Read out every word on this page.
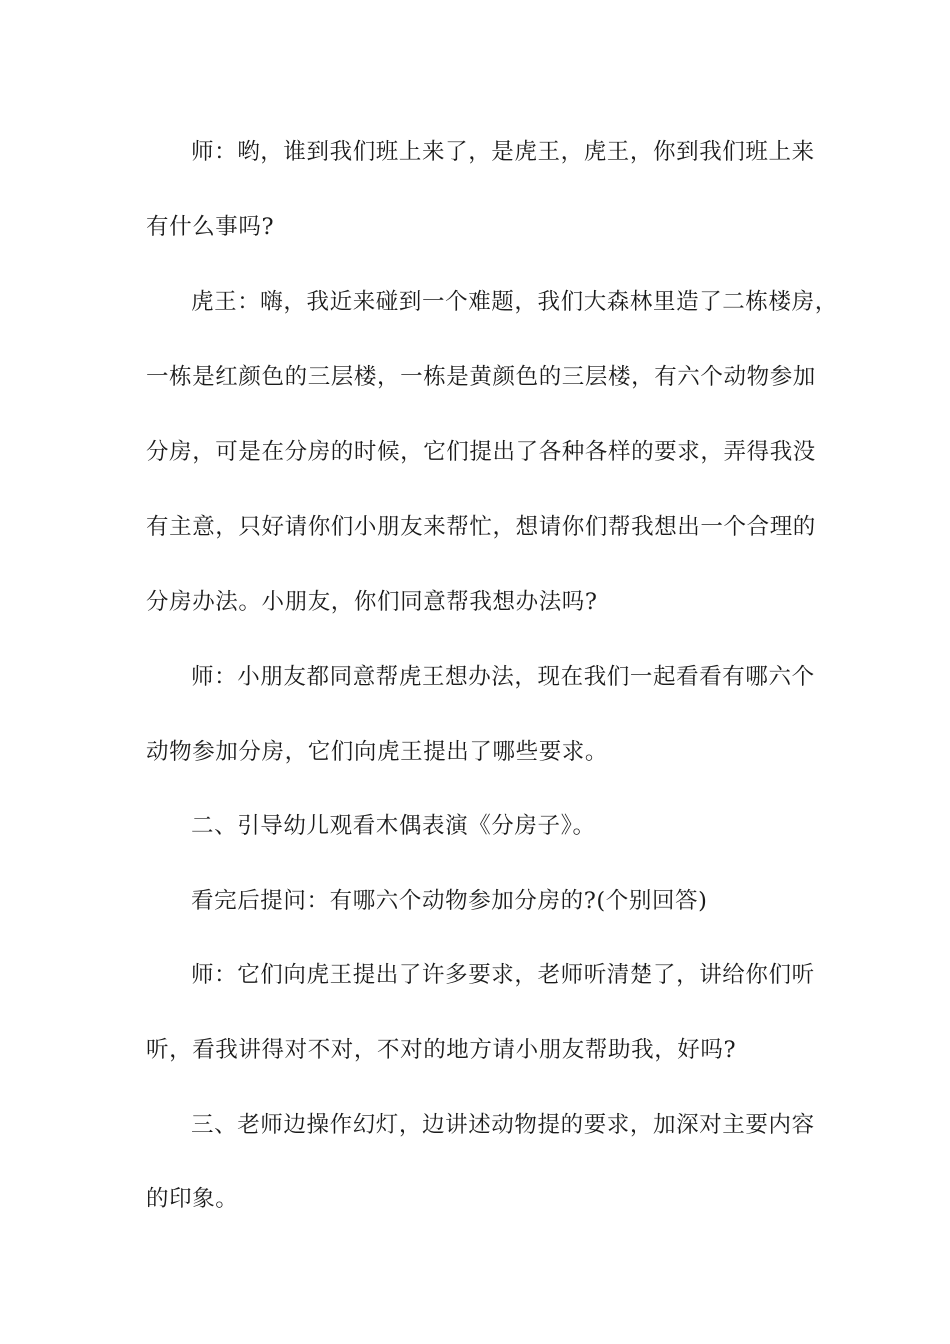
师：哟，谁到我们班上来了，是虎王，虎王，你到我们班上来
有什么事吗?
虎王：嗨，我近来碰到一个难题，我们大森林里造了二栋楼房，
一栋是红颜色的三层楼，一栋是黄颜色的三层楼，有六个动物参加
分房，可是在分房的时候，它们提出了各种各样的要求，弄得我没
有主意，只好请你们小朋友来帮忙，想请你们帮我想出一个合理的
分房办法。小朋友，你们同意帮我想办法吗?
师：小朋友都同意帮虎王想办法，现在我们一起看看有哪六个
动物参加分房，它们向虎王提出了哪些要求。
二、引导幼儿观看木偶表演《分房子》。
看完后提问：有哪六个动物参加分房的?(个别回答)
师：它们向虎王提出了许多要求，老师听清楚了，讲给你们听
听，看我讲得对不对，不对的地方请小朋友帮助我，好吗?
三、老师边操作幻灯，边讲述动物提的要求，加深对主要内容
的印象。
